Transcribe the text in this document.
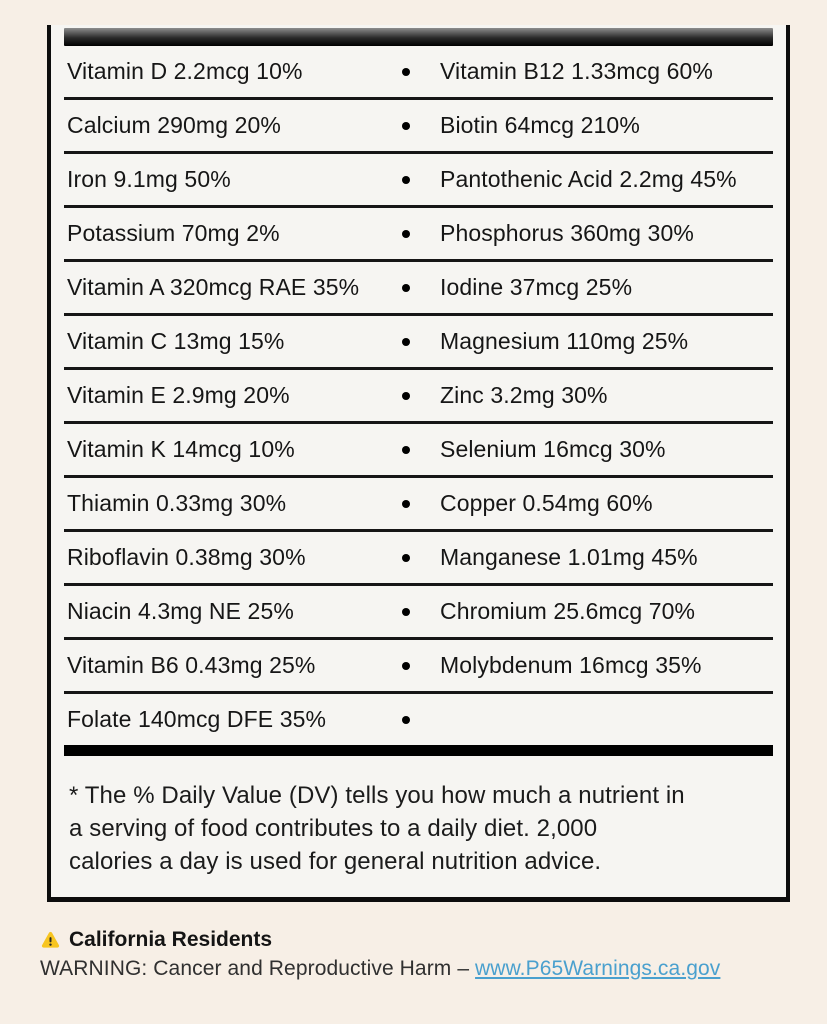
Vitamin D 2.2mcg 10%	Vitamin B12 1.33mcg 60%
Calcium 290mg 20%	Biotin 64mcg 210%
Iron 9.1mg 50%	Pantothenic Acid 2.2mg 45%
Potassium 70mg 2%	Phosphorus 360mg 30%
Vitamin A 320mcg RAE 35%	Iodine 37mcg 25%
Vitamin C 13mg 15%	Magnesium 110mg 25%
Vitamin E 2.9mg 20%	Zinc 3.2mg 30%
Vitamin K 14mcg 10%	Selenium 16mcg 30%
Thiamin 0.33mg 30%	Copper 0.54mg 60%
Riboflavin 0.38mg 30%	Manganese 1.01mg 45%
Niacin 4.3mg NE 25%	Chromium 25.6mcg 70%
Vitamin B6 0.43mg 25%	Molybdenum 16mcg 35%
Folate 140mcg DFE 35%
* The % Daily Value (DV) tells you how much a nutrient in
a serving of food contributes to a daily diet. 2,000
calories a day is used for general nutrition advice.
California Residents
WARNING: Cancer and Reproductive Harm – www.P65Warnings.ca.gov
